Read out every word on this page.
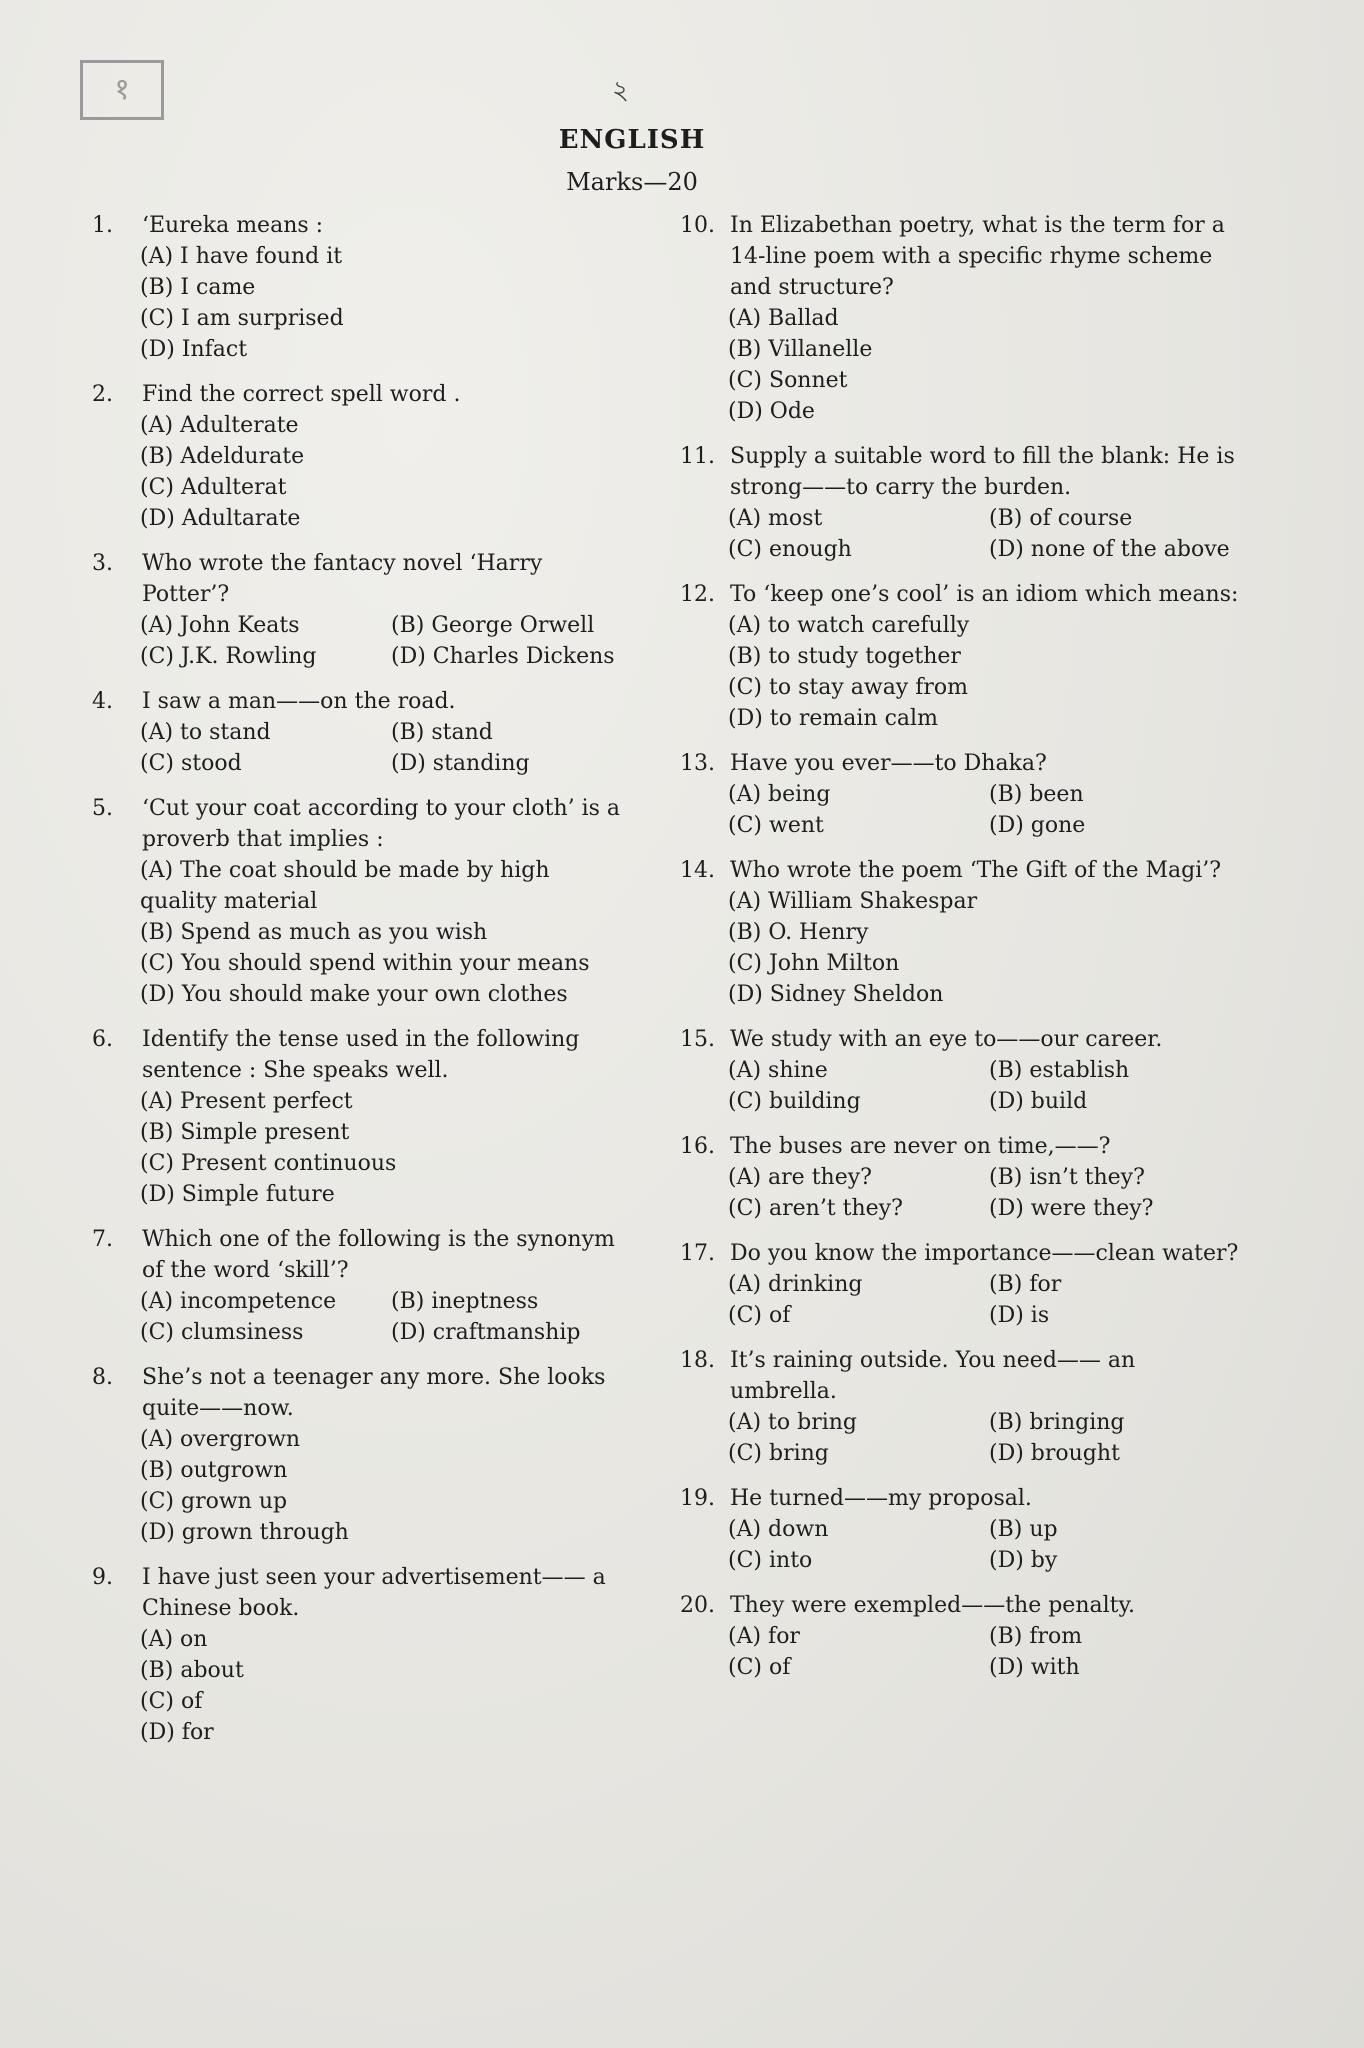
१	২
ENGLISH
Marks—20
1.	‘Eureka means :
(A) I have found it
(B) I came
(C) I am surprised
(D) Infact
2.	Find the correct spell word .
(A) Adulterate
(B) Adeldurate
(C) Adulterat
(D) Adultarate
3.	Who wrote the fantacy novel ‘Harry Potter’?
(A) John Keats	(B) George Orwell
(C) J.K. Rowling	(D) Charles Dickens
4.	I saw a man——on the road.
(A) to stand	(B) stand
(C) stood	(D) standing
5.	‘Cut your coat according to your cloth’ is a proverb that implies :
(A) The coat should be made by high quality material
(B) Spend as much as you wish
(C) You should spend within your means
(D) You should make your own clothes
6.	Identify the tense used in the following sentence : She speaks well.
(A) Present perfect
(B) Simple present
(C) Present continuous
(D) Simple future
7.	Which one of the following is the synonym of the word ‘skill’?
(A) incompetence	(B) ineptness
(C) clumsiness	(D) craftmanship
8.	She’s not a teenager any more. She looks quite——now.
(A) overgrown
(B) outgrown
(C) grown up
(D) grown through
9.	I have just seen your advertisement—— a Chinese book.
(A) on
(B) about
(C) of
(D) for
10. In Elizabethan poetry, what is the term for a 14-line poem with a specific rhyme scheme and structure?
(A) Ballad
(B) Villanelle
(C) Sonnet
(D) Ode
11. Supply a suitable word to fill the blank: He is strong——to carry the burden.
(A) most	(B) of course
(C) enough	(D) none of the above
12. To ‘keep one’s cool’ is an idiom which means:
(A) to watch carefully
(B) to study together
(C) to stay away from
(D) to remain calm
13. Have you ever——to Dhaka?
(A) being	(B) been
(C) went	(D) gone
14. Who wrote the poem ‘The Gift of the Magi’?
(A) William Shakespar
(B) O. Henry
(C) John Milton
(D) Sidney Sheldon
15. We study with an eye to——our career.
(A) shine	(B) establish
(C) building	(D) build
16. The buses are never on time,——?
(A) are they?	(B) isn’t they?
(C) aren’t they?	(D) were they?
17. Do you know the importance——clean water?
(A) drinking	(B) for
(C) of	(D) is
18. It’s raining outside. You need—— an umbrella.
(A) to bring	(B) bringing
(C) bring	(D) brought
19. He turned——my proposal.
(A) down	(B) up
(C) into	(D) by
20. They were exempled——the penalty.
(A) for	(B) from
(C) of	(D) with
